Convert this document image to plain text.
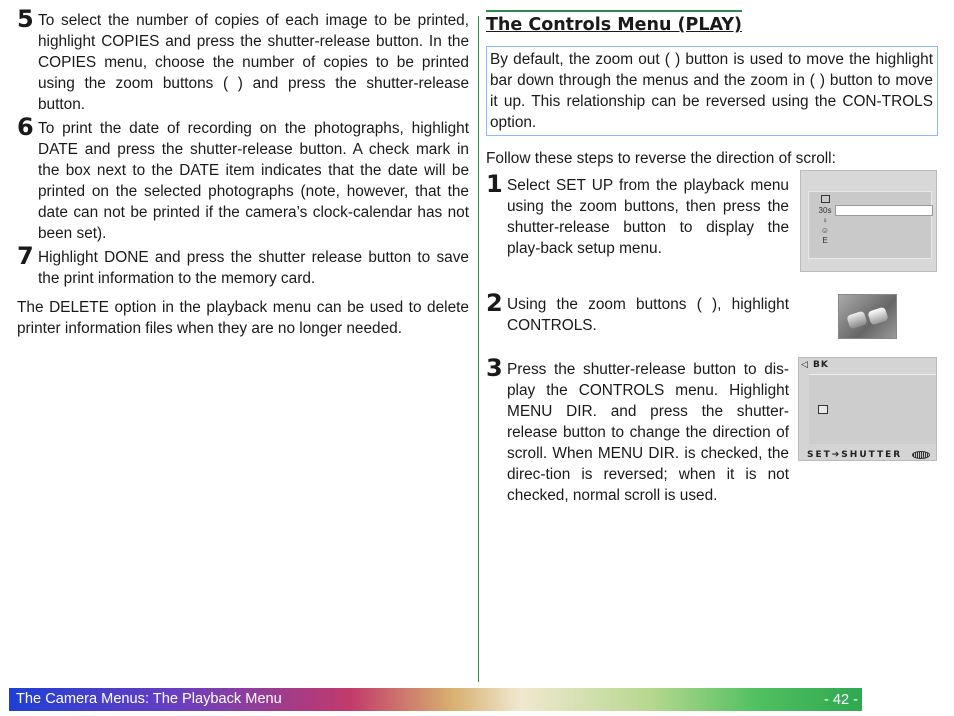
5 To select the number of copies of each image to be printed, highlight COPIES and press the shutter-release button. In the COPIES menu, choose the number of copies to be printed using the zoom buttons ( ) and press the shutter-release button.
6 To print the date of recording on the photographs, highlight DATE and press the shutter-release button. A check mark in the box next to the DATE item indicates that the date will be printed on the selected photographs (note, however, that the date can not be printed if the camera’s clock-calendar has not been set).
7 Highlight DONE and press the shutter release button to save the print information to the memory card.

The DELETE option in the playback menu can be used to delete printer information files when they are no longer needed.

The Controls Menu (PLAY)
By default, the zoom out ( ) button is used to move the highlight bar down through the menus and the zoom in ( ) button to move it up. This relationship can be reversed using the CON-TROLS option.

Follow these steps to reverse the direction of scroll:

1 Select SET UP from the playback menu using the zoom buttons, then press the shutter-release button to display the play-back setup menu.
2 Using the zoom buttons ( ), highlight CONTROLS.
3 Press the shutter-release button to dis-play the CONTROLS menu. Highlight MENU DIR. and press the shutter-release button to change the direction of scroll. When MENU DIR. is checked, the direc-tion is reversed; when it is not checked, normal scroll is used.

30s
♀
☺
E
◁ BK
SET➔SHUTTER
The Camera Menus: The Playback Menu	- 42 -
